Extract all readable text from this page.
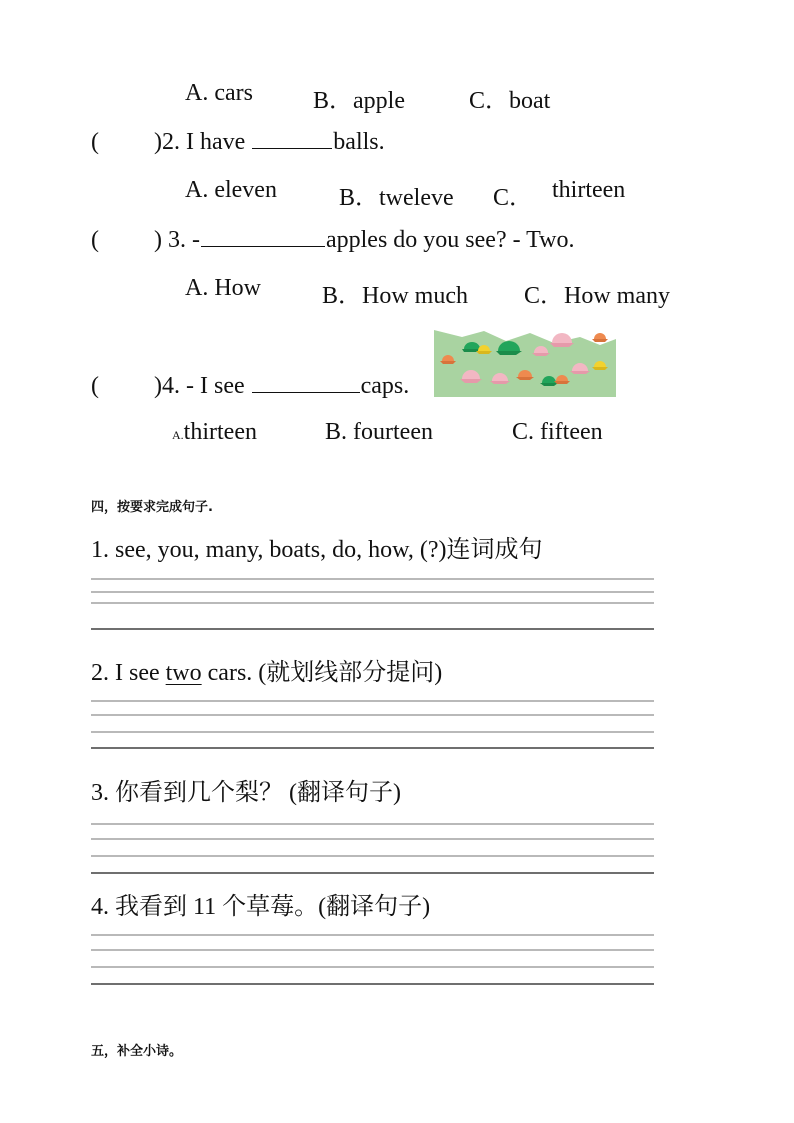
A. cars	B．apple	C．boat
( )2. I have	balls.
A. eleven	B．tweleve C． thirteen
( ) 3. -	apples do you see? - Two.
A. How	B．How much C．How many
( )4. - I see	caps.
A.thirteen	B. fourteen	C. fifteen
四，按要求完成句子.
1. see, you, many, boats, do, how, (?)连词成句
2. I see two cars. (就划线部分提问)
3. 你看到几个梨？ (翻译句子)
4. 我看到 11 个草莓。(翻译句子)
五，补全小诗。
